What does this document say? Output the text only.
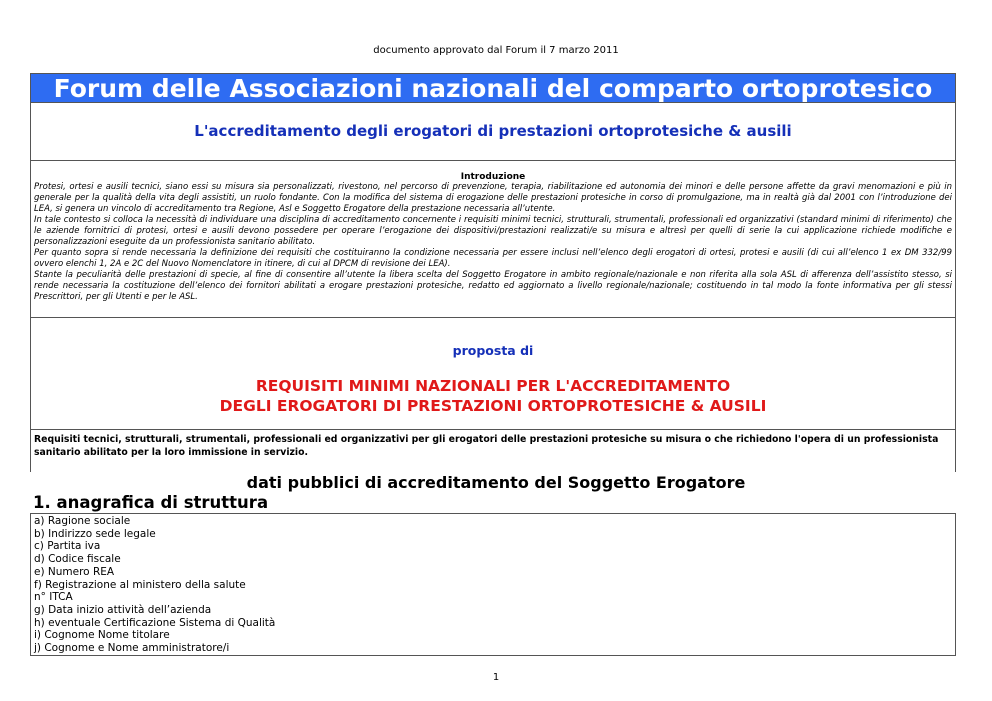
documento approvato dal Forum il 7 marzo 2011
Forum delle Associazioni nazionali del comparto ortoprotesico
L'accreditamento degli erogatori di prestazioni ortoprotesiche & ausili
Introduzione

Protesi, ortesi e ausili tecnici, siano essi su misura sia personalizzati, rivestono, nel percorso di prevenzione, terapia, riabilitazione ed autonomia dei minori e delle persone affette da gravi menomazioni e più in generale per la qualità della vita degli assistiti, un ruolo fondante. Con la modifica del sistema di erogazione delle prestazioni protesiche in corso di promulgazione, ma in realtà già dal 2001 con l’introduzione dei LEA, si genera un vincolo di accreditamento tra Regione, Asl e Soggetto Erogatore della prestazione necessaria all’utente.

In tale contesto si colloca la necessità di individuare una disciplina di accreditamento concernente i requisiti minimi tecnici, strutturali, strumentali, professionali ed organizzativi (standard minimi di riferimento) che le aziende fornitrici di protesi, ortesi e ausili devono possedere per operare l’erogazione dei dispositivi/prestazioni realizzati/e su misura e altresì per quelli di serie la cui applicazione richiede modifiche e personalizzazioni eseguite da un professionista sanitario abilitato.

Per quanto sopra si rende necessaria la definizione dei requisiti che costituiranno la condizione necessaria per essere inclusi nell’elenco degli erogatori di ortesi, protesi e ausili (di cui all’elenco 1 ex DM 332/99 ovvero elenchi 1, 2A e 2C del Nuovo Nomenclatore in itinere, di cui al DPCM di revisione dei LEA).

Stante la peculiarità delle prestazioni di specie, al fine di consentire all’utente la libera scelta del Soggetto Erogatore in ambito regionale/nazionale e non riferita alla sola ASL di afferenza dell’assistito stesso, si rende necessaria la costituzione dell’elenco dei fornitori abilitati a erogare prestazioni protesiche, redatto ed aggiornato a livello regionale/nazionale; costituendo in tal modo la fonte informativa per gli stessi Prescrittori, per gli Utenti e per le ASL.

proposta di
REQUISITI MINIMI NAZIONALI PER L'ACCREDITAMENTO
DEGLI EROGATORI DI PRESTAZIONI ORTOPROTESICHE & AUSILI
Requisiti tecnici, strutturali, strumentali, professionali ed organizzativi per gli erogatori delle prestazioni protesiche su misura o che richiedono l'opera di un professionista sanitario abilitato per la loro immissione in servizio.
dati pubblici di accreditamento del Soggetto Erogatore
1. anagrafica di struttura
a) Ragione sociale
b) Indirizzo sede legale
c) Partita iva
d) Codice fiscale
e) Numero REA
f) Registrazione al ministero della salute
n° ITCA
g) Data inizio attività dell’azienda
h) eventuale Certificazione Sistema di Qualità
i) Cognome Nome titolare
j) Cognome e Nome amministratore/i
1
